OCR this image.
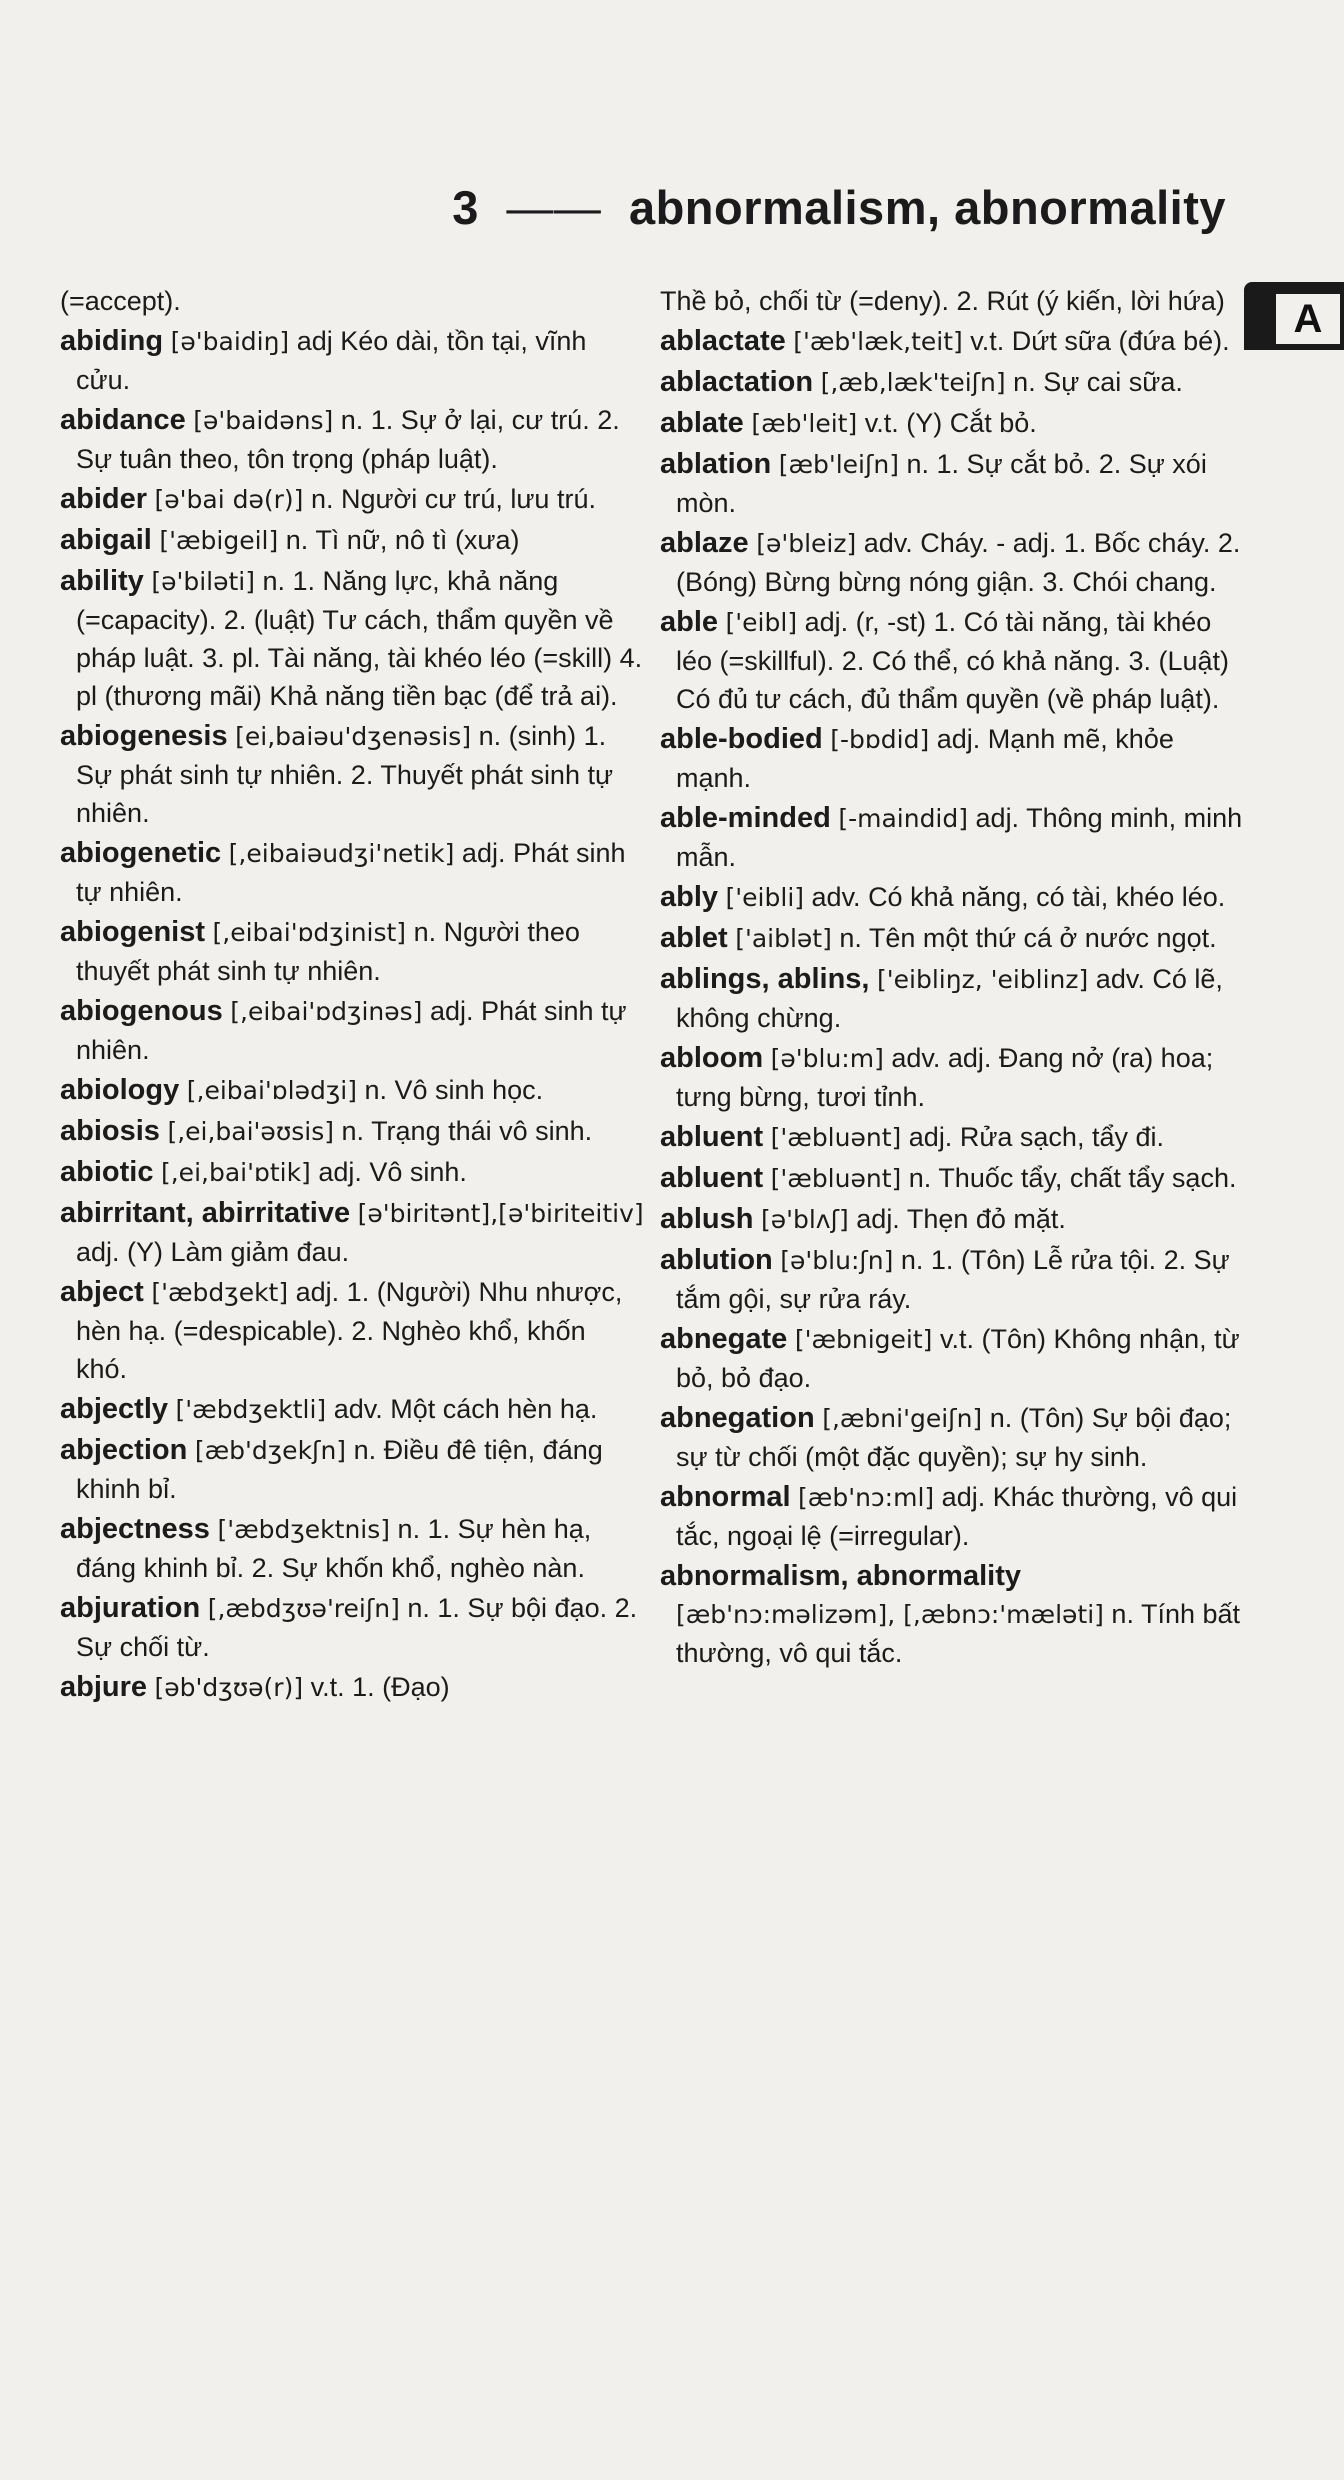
3 —— abnormalism, abnormality
A
(=accept).
abiding [ə'baidiŋ] adj Kéo dài, tồn tại, vĩnh cửu.
abidance [ə'baidəns] n. 1. Sự ở lại, cư trú. 2. Sự tuân theo, tôn trọng (pháp luật).
abider [ə'bai də(r)] n. Người cư trú, lưu trú.
abigail ['æbigeil] n. Tì nữ, nô tì (xưa)
ability [ə'biləti] n. 1. Năng lực, khả năng (=capacity). 2. (luật) Tư cách, thẩm quyền về pháp luật. 3. pl. Tài năng, tài khéo léo (=skill) 4. pl (thương mãi) Khả năng tiền bạc (để trả ai).
abiogenesis [ei,baiəu'dʒenəsis] n. (sinh) 1. Sự phát sinh tự nhiên. 2. Thuyết phát sinh tự nhiên.
abiogenetic [,eibaiəudʒi'netik] adj. Phát sinh tự nhiên.
abiogenist [,eibai'ɒdʒinist] n. Người theo thuyết phát sinh tự nhiên.
abiogenous [,eibai'ɒdʒinəs] adj. Phát sinh tự nhiên.
abiology [,eibai'ɒlədʒi] n. Vô sinh học.
abiosis [,ei,bai'əʊsis] n. Trạng thái vô sinh.
abiotic [,ei,bai'ɒtik] adj. Vô sinh.
abirritant, abirritative [ə'biritənt],[ə'biriteitiv] adj. (Y) Làm giảm đau.
abject ['æbdʒekt] adj. 1. (Người) Nhu nhược, hèn hạ. (=despicable). 2. Nghèo khổ, khốn khó.
abjectly ['æbdʒektli] adv. Một cách hèn hạ.
abjection [æb'dʒekʃn] n. Điều đê tiện, đáng khinh bỉ.
abjectness ['æbdʒektnis] n. 1. Sự hèn hạ, đáng khinh bỉ. 2. Sự khốn khổ, nghèo nàn.
abjuration [,æbdʒʊə'reiʃn] n. 1. Sự bội đạo. 2. Sự chối từ.
abjure [əb'dʒʊə(r)] v.t. 1. (Đạo)
Thề bỏ, chối từ (=deny). 2. Rút (ý kiến, lời hứa)
ablactate ['æb'læk,teit] v.t. Dứt sữa (đứa bé).
ablactation [,æb,læk'teiʃn] n. Sự cai sữa.
ablate [æb'leit] v.t. (Y) Cắt bỏ.
ablation [æb'leiʃn] n. 1. Sự cắt bỏ. 2. Sự xói mòn.
ablaze [ə'bleiz] adv. Cháy. - adj. 1. Bốc cháy. 2. (Bóng) Bừng bừng nóng giận. 3. Chói chang.
able ['eibl] adj. (r, -st) 1. Có tài năng, tài khéo léo (=skillful). 2. Có thể, có khả năng. 3. (Luật) Có đủ tư cách, đủ thẩm quyền (về pháp luật).
able-bodied [-bɒdid] adj. Mạnh mẽ, khỏe mạnh.
able-minded [-maindid] adj. Thông minh, minh mẫn.
ably ['eibli] adv. Có khả năng, có tài, khéo léo.
ablet ['aiblət] n. Tên một thứ cá ở nước ngọt.
ablings, ablins, ['eibliŋz, 'eiblinz] adv. Có lẽ, không chừng.
abloom [ə'blu:m] adv. adj. Đang nở (ra) hoa; tưng bừng, tươi tỉnh.
abluent ['æbluənt] adj. Rửa sạch, tẩy đi.
abluent ['æbluənt] n. Thuốc tẩy, chất tẩy sạch.
ablush [ə'blʌʃ] adj. Thẹn đỏ mặt.
ablution [ə'blu:ʃn] n. 1. (Tôn) Lễ rửa tội. 2. Sự tắm gội, sự rửa ráy.
abnegate ['æbnigeit] v.t. (Tôn) Không nhận, từ bỏ, bỏ đạo.
abnegation [,æbni'geiʃn] n. (Tôn) Sự bội đạo; sự từ chối (một đặc quyền); sự hy sinh.
abnormal [æb'nɔ:ml] adj. Khác thường, vô qui tắc, ngoại lệ (=irregular).
abnormalism, abnormality [æb'nɔ:məlizəm], [,æbnɔ:'mæləti] n. Tính bất thường, vô qui tắc.
